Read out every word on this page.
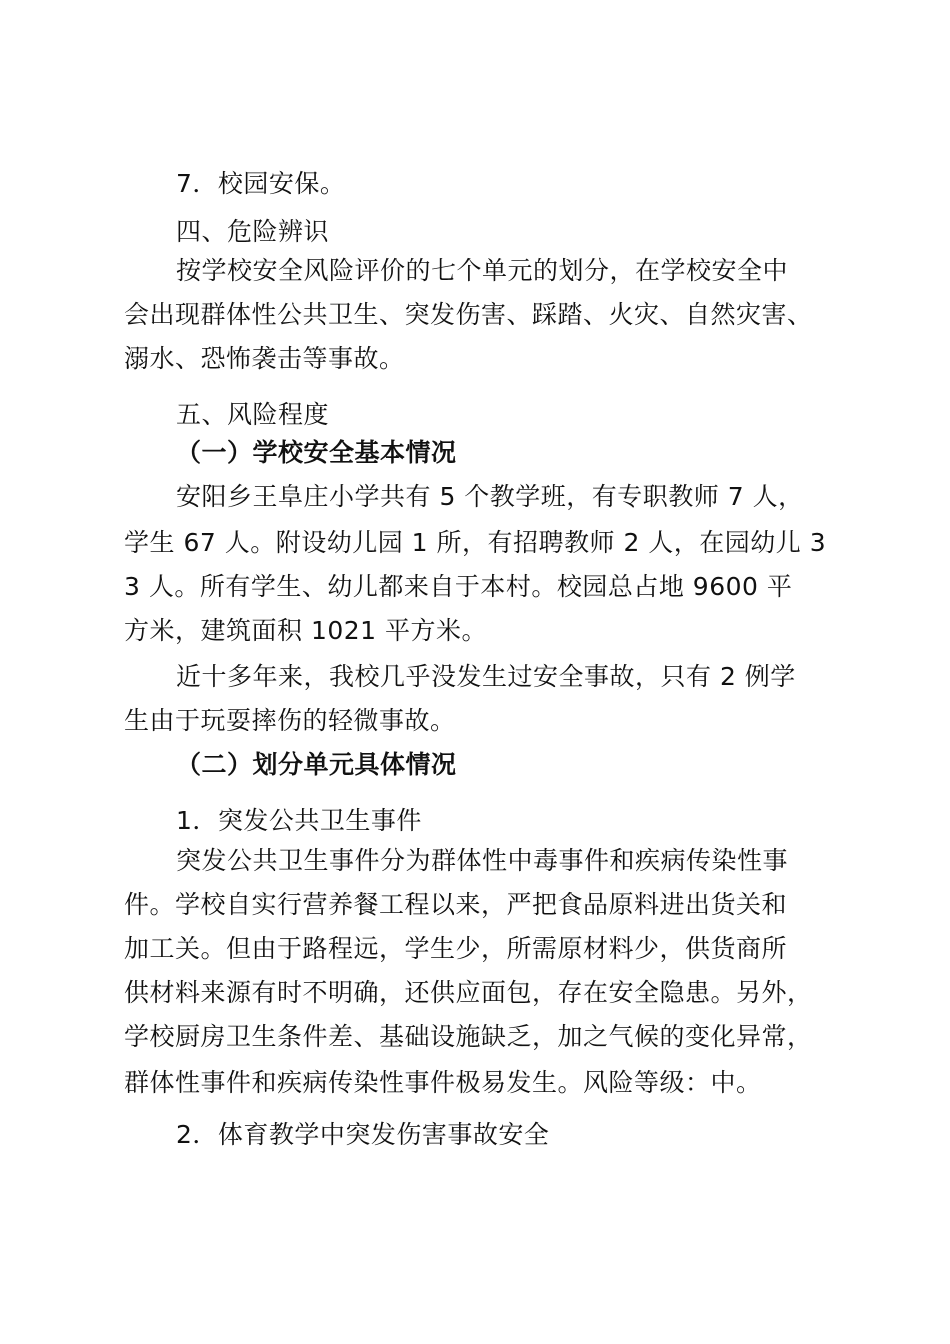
7．校园安保。
四、危险辨识
按学校安全风险评价的七个单元的划分，在学校安全中
会出现群体性公共卫生、突发伤害、踩踏、火灾、自然灾害、
溺水、恐怖袭击等事故。
五、风险程度
（一）学校安全基本情况
安阳乡王阜庄小学共有 5 个教学班，有专职教师 7 人，
学生 67 人。附设幼儿园 1 所，有招聘教师 2 人，在园幼儿 3
3 人。所有学生、幼儿都来自于本村。校园总占地 9600 平
方米，建筑面积 1021 平方米。
近十多年来，我校几乎没发生过安全事故，只有 2 例学
生由于玩耍摔伤的轻微事故。
（二）划分单元具体情况
1．突发公共卫生事件
突发公共卫生事件分为群体性中毒事件和疾病传染性事
件。学校自实行营养餐工程以来，严把食品原料进出货关和
加工关。但由于路程远，学生少，所需原材料少，供货商所
供材料来源有时不明确，还供应面包，存在安全隐患。另外，
学校厨房卫生条件差、基础设施缺乏，加之气候的变化异常，
群体性事件和疾病传染性事件极易发生。风险等级：中。
2．体育教学中突发伤害事故安全
